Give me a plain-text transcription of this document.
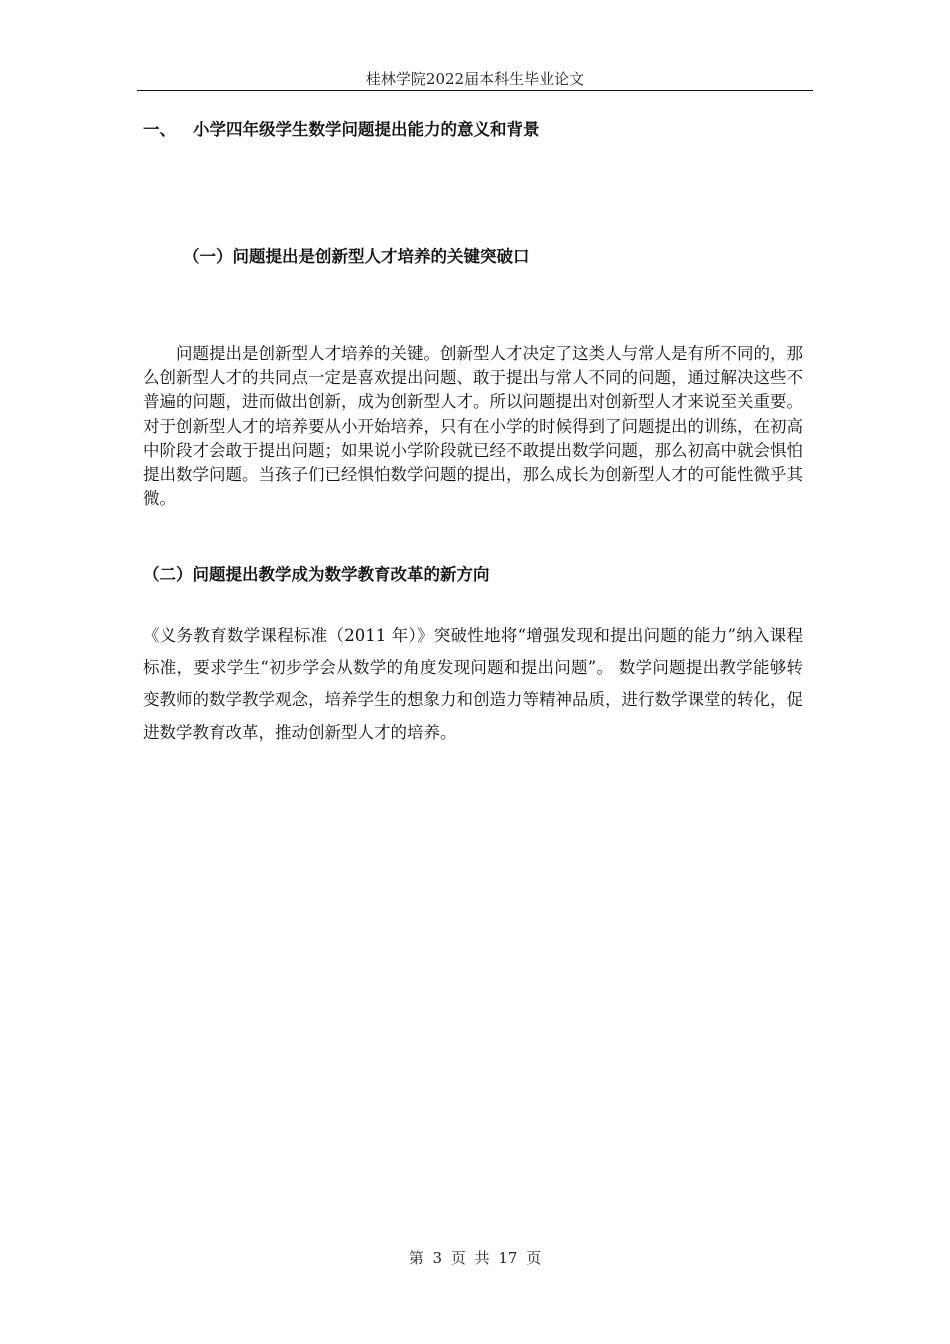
桂林学院2022届本科生毕业论文
一、 小学四年级学生数学问题提出能力的意义和背景
（一）问题提出是创新型人才培养的关键突破口

问题提出是创新型人才培养的关键。创新型人才决定了这类人与常人是有所不同的，那么创新型人才的共同点一定是喜欢提出问题、敢于提出与常人不同的问题，通过解决这些不普遍的问题，进而做出创新，成为创新型人才。所以问题提出对创新型人才来说至关重要。对于创新型人才的培养要从小开始培养，只有在小学的时候得到了问题提出的训练，在初高中阶段才会敢于提出问题；如果说小学阶段就已经不敢提出数学问题，那么初高中就会惧怕提出数学问题。当孩子们已经惧怕数学问题的提出，那么成长为创新型人才的可能性微乎其微。

（二）问题提出教学成为数学教育改革的新方向

《义务教育数学课程标准（2011 年）》突破性地将“增强发现和提出问题的能力”纳入课程标准，要求学生“初步学会从数学的角度发现问题和提出问题”。 数学问题提出教学能够转变教师的数学教学观念，培养学生的想象力和创造力等精神品质，进行数学课堂的转化，促进数学教育改革，推动创新型人才的培养。

第 3 页 共 17 页
